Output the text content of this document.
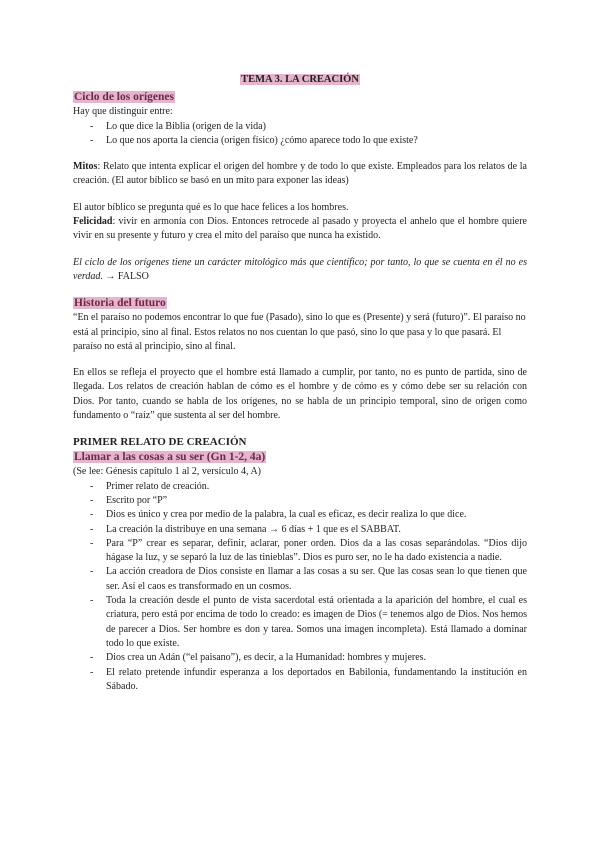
TEMA 3. LA CREACIÓN

Ciclo de los orígenes

Hay que distinguir entre:

- Lo que dice la Biblia (origen de la vida)
- Lo que nos aporta la ciencia (origen físico) ¿cómo aparece todo lo que existe?

Mitos: Relato que intenta explicar el origen del hombre y de todo lo que existe. Empleados para los relatos de la creación. (El autor bíblico se basó en un mito para exponer las ideas)

El autor bíblico se pregunta qué es lo que hace felices a los hombres.

Felicidad: vivir en armonía con Dios. Entonces retrocede al pasado y proyecta el anhelo que el hombre quiere vivir en su presente y futuro y crea el mito del paraíso que nunca ha existido.

El ciclo de los orígenes tiene un carácter mitológico más que científico; por tanto, lo que se cuenta en él no es verdad. → FALSO

Historia del futuro

“En el paraíso no podemos encontrar lo que fue (Pasado), sino lo que es (Presente) y será (futuro)”. El paraíso no está al principio, sino al final. Estos relatos no nos cuentan lo que pasó, sino lo que pasa y lo que pasará. El paraíso no está al principio, sino al final.

En ellos se refleja el proyecto que el hombre está llamado a cumplir, por tanto, no es punto de partida, sino de llegada. Los relatos de creación hablan de cómo es el hombre y de cómo es y cómo debe ser su relación con Dios. Por tanto, cuando se habla de los orígenes, no se habla de un principio temporal, sino de origen como fundamento o “raíz” que sustenta al ser del hombre.

PRIMER RELATO DE CREACIÓN

Llamar a las cosas a su ser (Gn 1-2, 4a)

(Se lee: Génesis capítulo 1 al 2, versículo 4, A)

- Primer relato de creación.
- Escrito por “P”
- Dios es único y crea por medio de la palabra, la cual es eficaz, es decir realiza lo que dice.
- La creación la distribuye en una semana → 6 días + 1 que es el SABBAT.
- Para “P” crear es separar, definir, aclarar, poner orden. Dios da a las cosas separándolas. “Dios dijo hágase la luz, y se separó la luz de las tinieblas”. Dios es puro ser, no le ha dado existencia a nadie.
- La acción creadora de Dios consiste en llamar a las cosas a su ser. Que las cosas sean lo que tienen que ser. Así el caos es transformado en un cosmos.
- Toda la creación desde el punto de vista sacerdotal está orientada a la aparición del hombre, el cual es criatura, pero está por encima de todo lo creado: es imagen de Dios (= tenemos algo de Dios. Nos hemos de parecer a Dios. Ser hombre es don y tarea. Somos una imagen incompleta). Está llamado a dominar todo lo que existe.
- Dios crea un Adán (“el paisano”), es decir, a la Humanidad: hombres y mujeres.
- El relato pretende infundir esperanza a los deportados en Babilonia, fundamentando la institución en Sábado.
